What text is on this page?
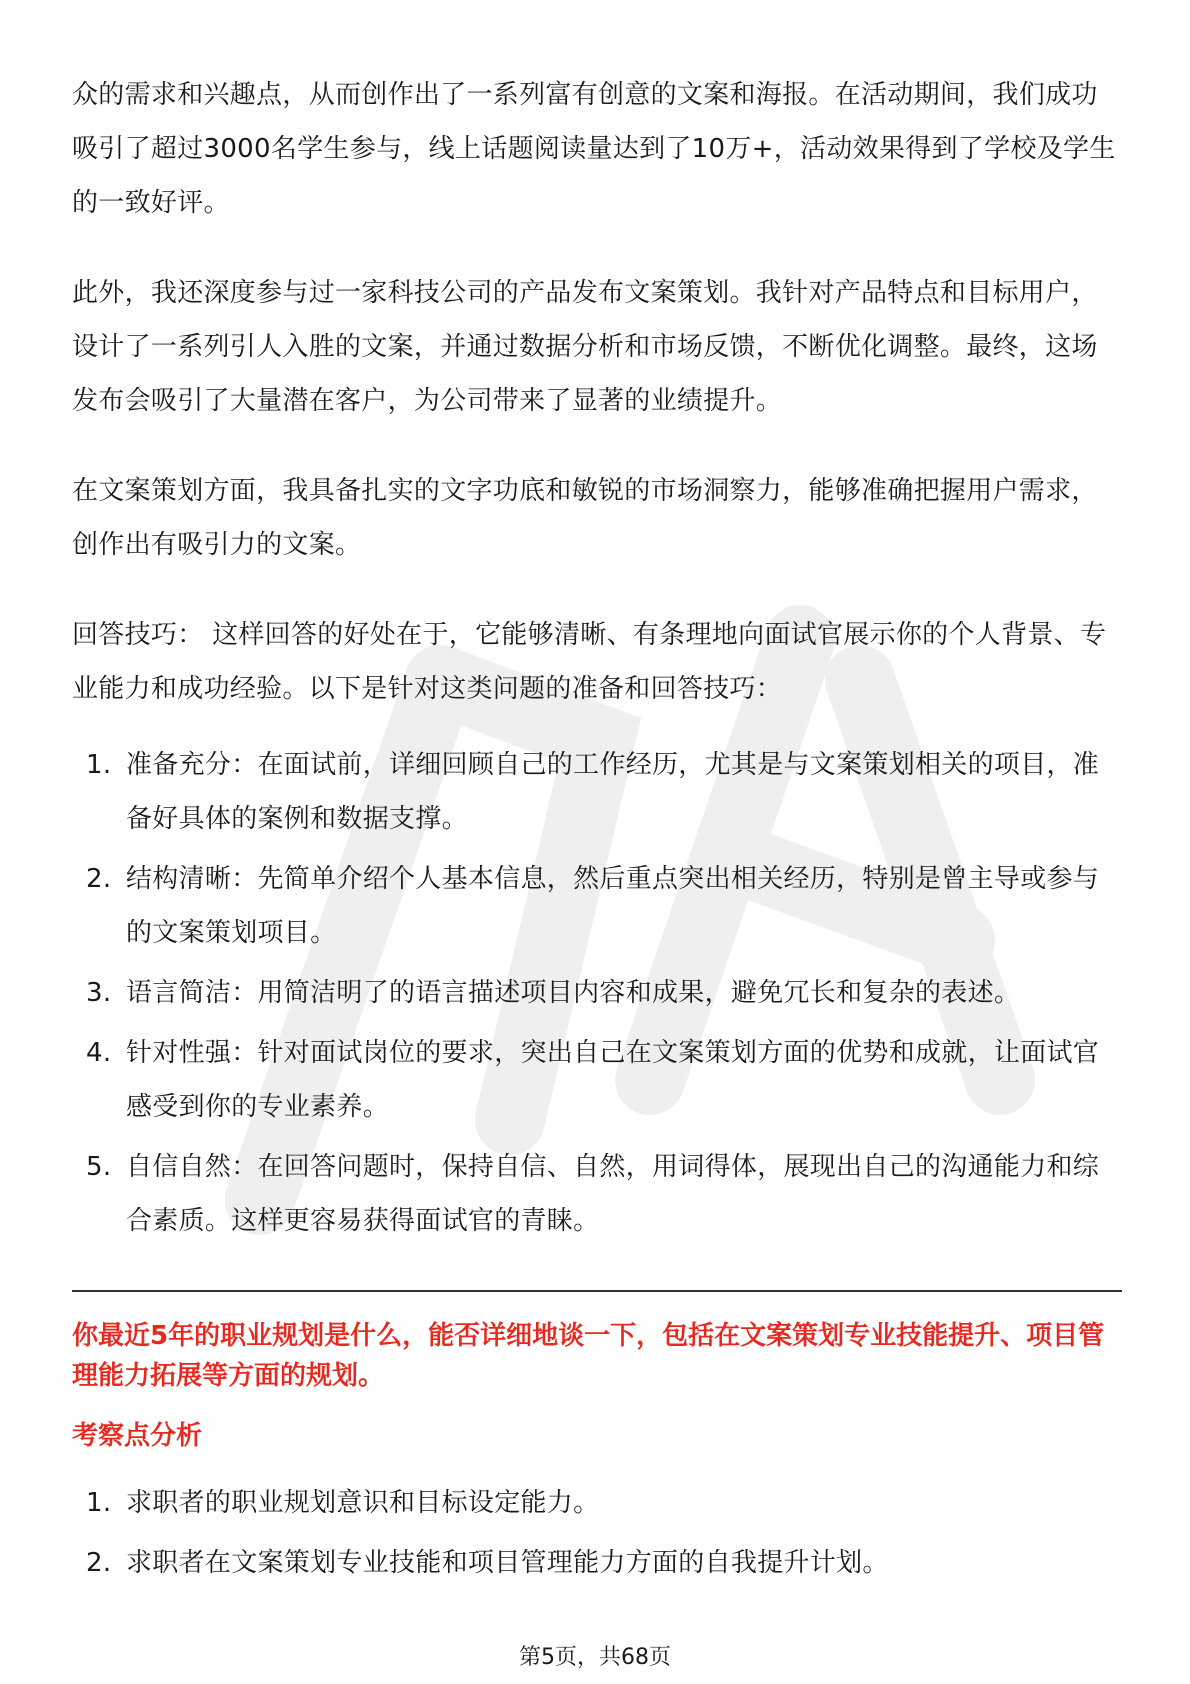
众的需求和兴趣点，从而创作出了一系列富有创意的文案和海报。在活动期间，我们成功吸引了超过3000名学生参与，线上话题阅读量达到了10万+，活动效果得到了学校及学生的一致好评。

此外，我还深度参与过一家科技公司的产品发布文案策划。我针对产品特点和目标用户，设计了一系列引人入胜的文案，并通过数据分析和市场反馈，不断优化调整。最终，这场发布会吸引了大量潜在客户，为公司带来了显著的业绩提升。

在文案策划方面，我具备扎实的文字功底和敏锐的市场洞察力，能够准确把握用户需求，创作出有吸引力的文案。

回答技巧： 这样回答的好处在于，它能够清晰、有条理地向面试官展示你的个人背景、专业能力和成功经验。以下是针对这类问题的准备和回答技巧：

1. 准备充分：在面试前，详细回顾自己的工作经历，尤其是与文案策划相关的项目，准备好具体的案例和数据支撑。
2. 结构清晰：先简单介绍个人基本信息，然后重点突出相关经历，特别是曾主导或参与的文案策划项目。
3. 语言简洁：用简洁明了的语言描述项目内容和成果，避免冗长和复杂的表述。
4. 针对性强：针对面试岗位的要求，突出自己在文案策划方面的优势和成就，让面试官感受到你的专业素养。
5. 自信自然：在回答问题时，保持自信、自然，用词得体，展现出自己的沟通能力和综合素质。这样更容易获得面试官的青睐。

你最近5年的职业规划是什么，能否详细地谈一下，包括在文案策划专业技能提升、项目管理能力拓展等方面的规划。

考察点分析

1. 求职者的职业规划意识和目标设定能力。
2. 求职者在文案策划专业技能和项目管理能力方面的自我提升计划。
第5页，共68页
